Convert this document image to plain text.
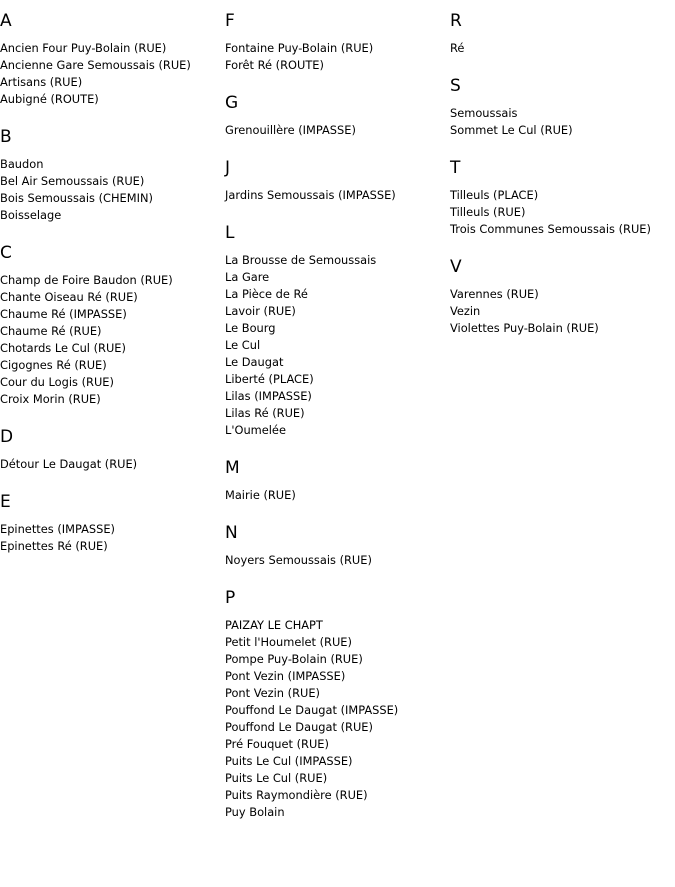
A
Ancien Four Puy-Bolain (RUE)
Ancienne Gare Semoussais (RUE)
Artisans (RUE)
Aubigné (ROUTE)
B
Baudon
Bel Air Semoussais (RUE)
Bois Semoussais (CHEMIN)
Boisselage
C
Champ de Foire Baudon (RUE)
Chante Oiseau Ré (RUE)
Chaume Ré (IMPASSE)
Chaume Ré (RUE)
Chotards Le Cul (RUE)
Cigognes Ré (RUE)
Cour du Logis (RUE)
Croix Morin (RUE)
D
Détour Le Daugat (RUE)
E
Epinettes (IMPASSE)
Epinettes Ré (RUE)
F
Fontaine Puy-Bolain (RUE)
Forêt Ré (ROUTE)
G
Grenouillère (IMPASSE)
J
Jardins Semoussais (IMPASSE)
L
La Brousse de Semoussais
La Gare
La Pièce de Ré
Lavoir (RUE)
Le Bourg
Le Cul
Le Daugat
Liberté (PLACE)
Lilas (IMPASSE)
Lilas Ré (RUE)
L'Oumelée
M
Mairie (RUE)
N
Noyers Semoussais (RUE)
P
PAIZAY LE CHAPT
Petit l'Houmelet (RUE)
Pompe Puy-Bolain (RUE)
Pont Vezin (IMPASSE)
Pont Vezin (RUE)
Pouffond Le Daugat (IMPASSE)
Pouffond Le Daugat (RUE)
Pré Fouquet (RUE)
Puits Le Cul (IMPASSE)
Puits Le Cul (RUE)
Puits Raymondière (RUE)
Puy Bolain
R
Ré
S
Semoussais
Sommet Le Cul (RUE)
T
Tilleuls (PLACE)
Tilleuls (RUE)
Trois Communes Semoussais (RUE)
V
Varennes (RUE)
Vezin
Violettes Puy-Bolain (RUE)
